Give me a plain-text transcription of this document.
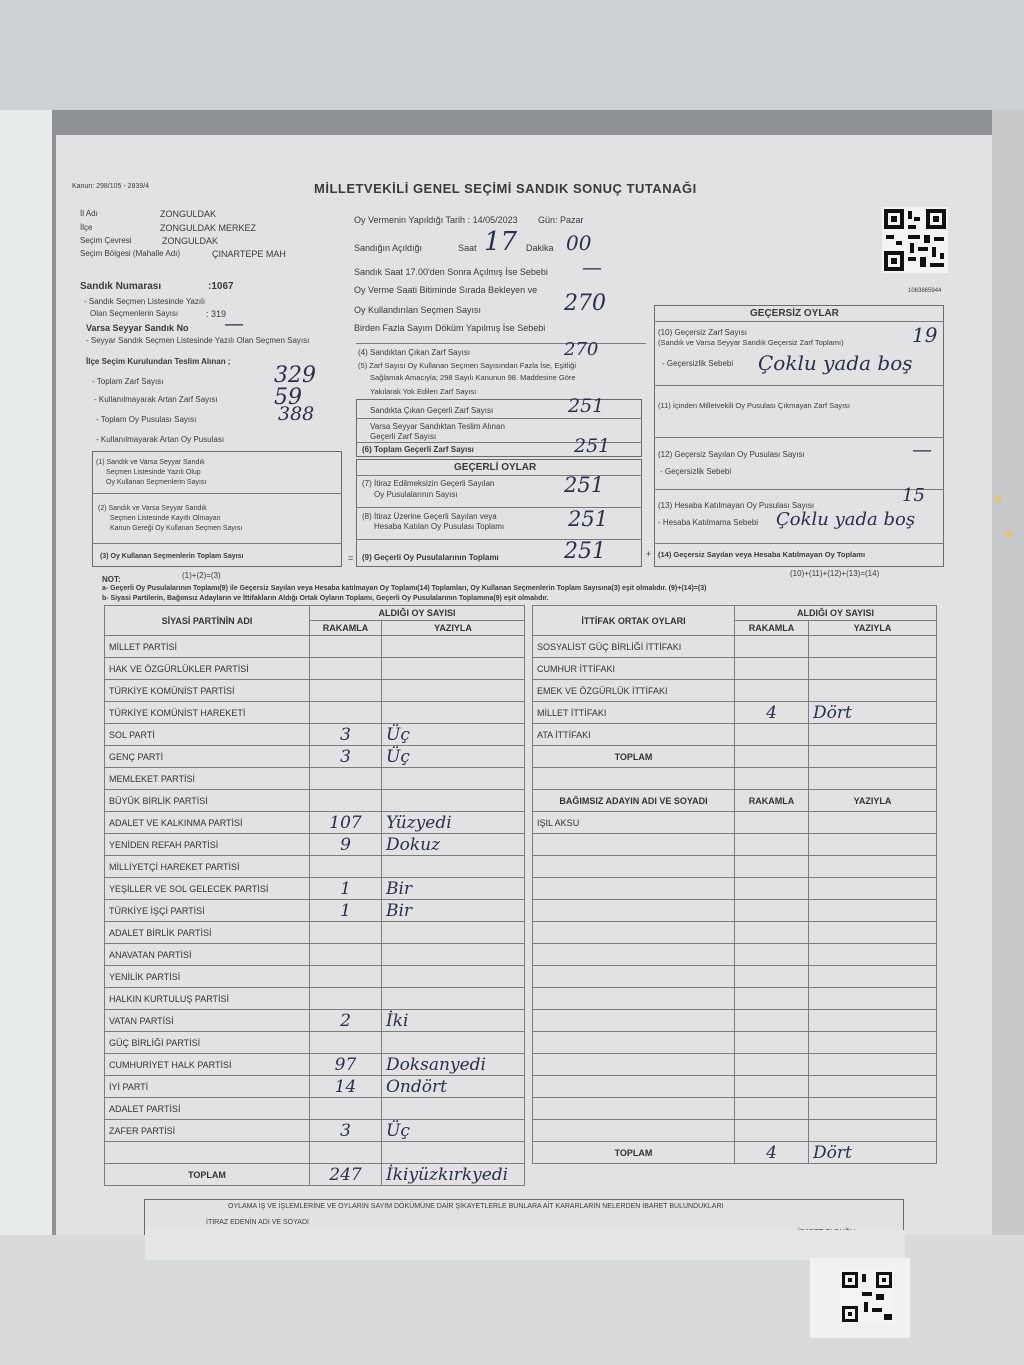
Kanun: 298/105 - 2839/4	MİLLETVEKİLİ GENEL SEÇİMİ SANDIK SONUÇ TUTANAĞI
1063865944
İl Adı	ZONGULDAK
İlçe	ZONGULDAK MERKEZ
Seçim Çevresi	ZONGULDAK
Seçim Bölgesi (Mahalle Adı)	ÇINARTEPE MAH
Oy Vermenin Yapıldığı Tarih : 14/05/2023 Gün: Pazar
Sandığın Açıldığı	Saat 17 Dakika 00
Sandık Saat 17.00'den Sonra Açılmış İse Sebebi —
Oy Verme Saati Bitiminde Sırada Bekleyen ve
Oy Kullandırılan Seçmen Sayısı	270
Birden Fazla Sayım Döküm Yapılmış İse Sebebi
Sandık Numarası	:1067
- Sandık Seçmen Listesinde Yazılı
Olan Seçmenlerin Sayısı	: 319
Varsa Seyyar Sandık No —
- Seyyar Sandık Seçmen Listesinde Yazılı Olan Seçmen Sayısı
İlçe Seçim Kurulundan Teslim Alınan ;
- Toplam Zarf Sayısı	329
- Kullanılmayarak Artan Zarf Sayısı	59
- Toplam Oy Pusulası Sayısı	388
- Kullanılmayarak Artan Oy Pusulası
(1) Sandık ve Varsa Seyyar Sandık
Seçmen Listesinde Yazılı Olup
Oy Kullanan Seçmenlerin Sayısı
(2) Sandık ve Varsa Seyyar Sandık
Seçmen Listesinde Kayıtlı Olmayan
Kanun Gereği Oy Kullanan Seçmen Sayısı
(3) Oy Kullanan Seçmenlerin Toplam Sayısı
(1)+(2)=(3)
=
(4) Sandıktan Çıkan Zarf Sayısı	270
(5) Zarf Sayısı Oy Kullanan Seçmen Sayısından Fazla İse, Eşitliği
Sağlamak Amacıyla; 298 Sayılı Kanunun 98. Maddesine Göre
Yakılarak Yok Edilen Zarf Sayısı
Sandıkta Çıkan Geçerli Zarf Sayısı	251
Varsa Seyyar Sandıktan Teslim Alınan
Geçerli Zarf Sayısı
(6) Toplam Geçerli Zarf Sayısı	251
GEÇERLİ OYLAR
(7) İtiraz Edilmeksizin Geçerli Sayılan
Oy Pusulalarının Sayısı	251
(8) İtiraz Üzerine Geçerli Sayılan veya
Hesaba Katılan Oy Pusulası Toplamı	251
(9) Geçerli Oy Pusulalarının Toplamı	251	+
GEÇERSİZ OYLAR
(10) Geçersiz Zarf Sayısı
(Sandık ve Varsa Seyyar Sandık Geçersiz Zarf Toplamı)	19
- Geçersizlik Sebebi Çoklu yada boş
(11) İçinden Milletvekili Oy Pusulası Çıkmayan Zarf Sayısı
(12) Geçersiz Sayılan Oy Pusulası Sayısı	—
- Geçersizlik Sebebi
(13) Hesaba Katılmayan Oy Pusulası Sayısı	15
- Hesaba Katılmama Sebebi Çoklu yada boş
(14) Geçersiz Sayılan veya Hesaba Katılmayan Oy Toplamı
(10)+(11)+(12)+(13)=(14)
NOT:
a- Geçerli Oy Pusulalarının Toplamı(9) ile Geçersiz Sayılan veya Hesaba katılmayan Oy Toplamı(14) Toplamları, Oy Kullanan Seçmenlerin Toplam Sayısına(3) eşit olmalıdır. (9)+(14)=(3)
b- Siyasi Partilerin, Bağımsız Adayların ve İttifakların Aldığı Ortak Oyların Toplamı, Geçerli Oy Pusulalarının Toplamına(9) eşit olmalıdır.
SİYASİ PARTİNİN ADI	ALDIĞI OY SAYISI	
	RAKAMLA	YAZIYLA
MİLLET PARTİSİ		
HAK VE ÖZGÜRLÜKLER PARTİSİ		
TÜRKİYE KOMÜNİST PARTİSİ		
TÜRKİYE KOMÜNİST HAREKETİ		
SOL PARTİ	3	Üç
GENÇ PARTİ	3	Üç
MEMLEKET PARTİSİ		
BÜYÜK BİRLİK PARTİSİ		
ADALET VE KALKINMA PARTİSİ	107	Yüzyedi
YENİDEN REFAH PARTİSİ	9	Dokuz
MİLLİYETÇİ HAREKET PARTİSİ		
YEŞİLLER VE SOL GELECEK PARTİSİ	1	Bir
TÜRKİYE İŞÇİ PARTİSİ	1	Bir
ADALET BİRLİK PARTİSİ		
ANAVATAN PARTİSİ		
YENİLİK PARTİSİ		
HALKIN KURTULUŞ PARTİSİ		
VATAN PARTİSİ	2	İki
GÜÇ BİRLİĞİ PARTİSİ		
CUMHURİYET HALK PARTİSİ	97	Doksanyedi
İYİ PARTİ	14	Ondört
ADALET PARTİSİ		
ZAFER PARTİSİ	3	Üç

TOPLAM	247	İkiyüzkırkyedi
İTTİFAK ORTAK OYLARI	ALDIĞI OY SAYISI	
	RAKAMLA	YAZIYLA
SOSYALİST GÜÇ BİRLİĞİ İTTİFAKI		
CUMHUR İTTİFAKI		
EMEK VE ÖZGÜRLÜK İTTİFAKI		
MİLLET İTTİFAKI	4	Dört
ATA İTTİFAKI		
TOPLAM		

BAĞIMSIZ ADAYIN ADI VE SOYADI	RAKAMLA	YAZIYLA
IŞIL AKSU		

TOPLAM	4	Dört
OYLAMA İŞ VE İŞLEMLERİNE VE OYLARIN SAYIM DÖKÜMÜNE DAİR ŞİKAYETLERLE BUNLARA AİT KARARLARIN NELERDEN İBARET BULUNDUKLARI
İTİRAZ EDENİN ADI VE SOYADI
